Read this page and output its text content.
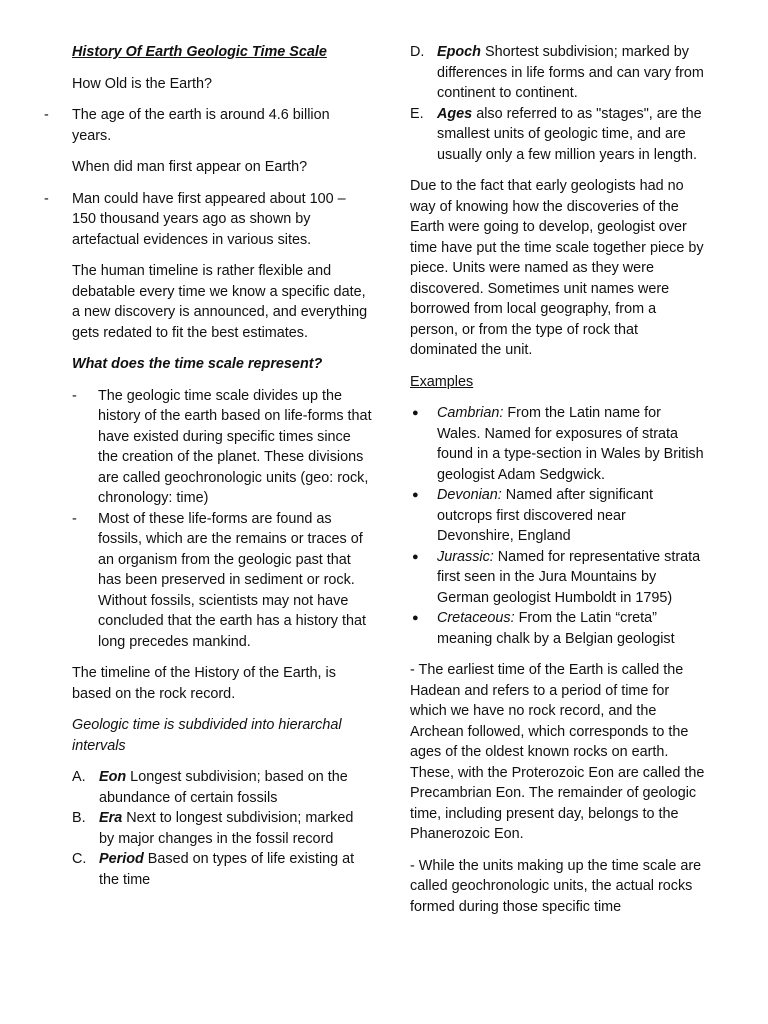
History Of Earth Geologic Time Scale

How Old is the Earth?

- The age of the earth is around 4.6 billion years.

When did man first appear on Earth?

- Man could have first appeared about 100 – 150 thousand years ago as shown by artefactual evidences in various sites.

The human timeline is rather flexible and debatable every time we know a specific date, a new discovery is announced, and everything gets redated to fit the best estimates.

What does the time scale represent?

- The geologic time scale divides up the history of the earth based on life-forms that have existed during specific times since the creation of the planet. These divisions are called geochronologic units (geo: rock, chronology: time)
- Most of these life-forms are found as fossils, which are the remains or traces of an organism from the geologic past that has been preserved in sediment or rock. Without fossils, scientists may not have concluded that the earth has a history that long precedes mankind.

The timeline of the History of the Earth, is based on the rock record.

Geologic time is subdivided into hierarchal intervals

A. Eon Longest subdivision; based on the abundance of certain fossils
B. Era Next to longest subdivision; marked by major changes in the fossil record
C. Period Based on types of life existing at the time
D. Epoch Shortest subdivision; marked by differences in life forms and can vary from continent to continent.
E. Ages also referred to as "stages", are the smallest units of geologic time, and are usually only a few million years in length.

Due to the fact that early geologists had no way of knowing how the discoveries of the Earth were going to develop, geologist over time have put the time scale together piece by piece. Units were named as they were discovered. Sometimes unit names were borrowed from local geography, from a person, or from the type of rock that dominated the unit.

Examples

● Cambrian: From the Latin name for Wales. Named for exposures of strata found in a type-section in Wales by British geologist Adam Sedgwick.
● Devonian: Named after significant outcrops first discovered near Devonshire, England
● Jurassic: Named for representative strata first seen in the Jura Mountains by German geologist Humboldt in 1795)
● Cretaceous: From the Latin “creta” meaning chalk by a Belgian geologist

- The earliest time of the Earth is called the Hadean and refers to a period of time for which we have no rock record, and the Archean followed, which corresponds to the ages of the oldest known rocks on earth. These, with the Proterozoic Eon are called the Precambrian Eon. The remainder of geologic time, including present day, belongs to the Phanerozoic Eon.

- While the units making up the time scale are called geochronologic units, the actual rocks formed during those specific time
